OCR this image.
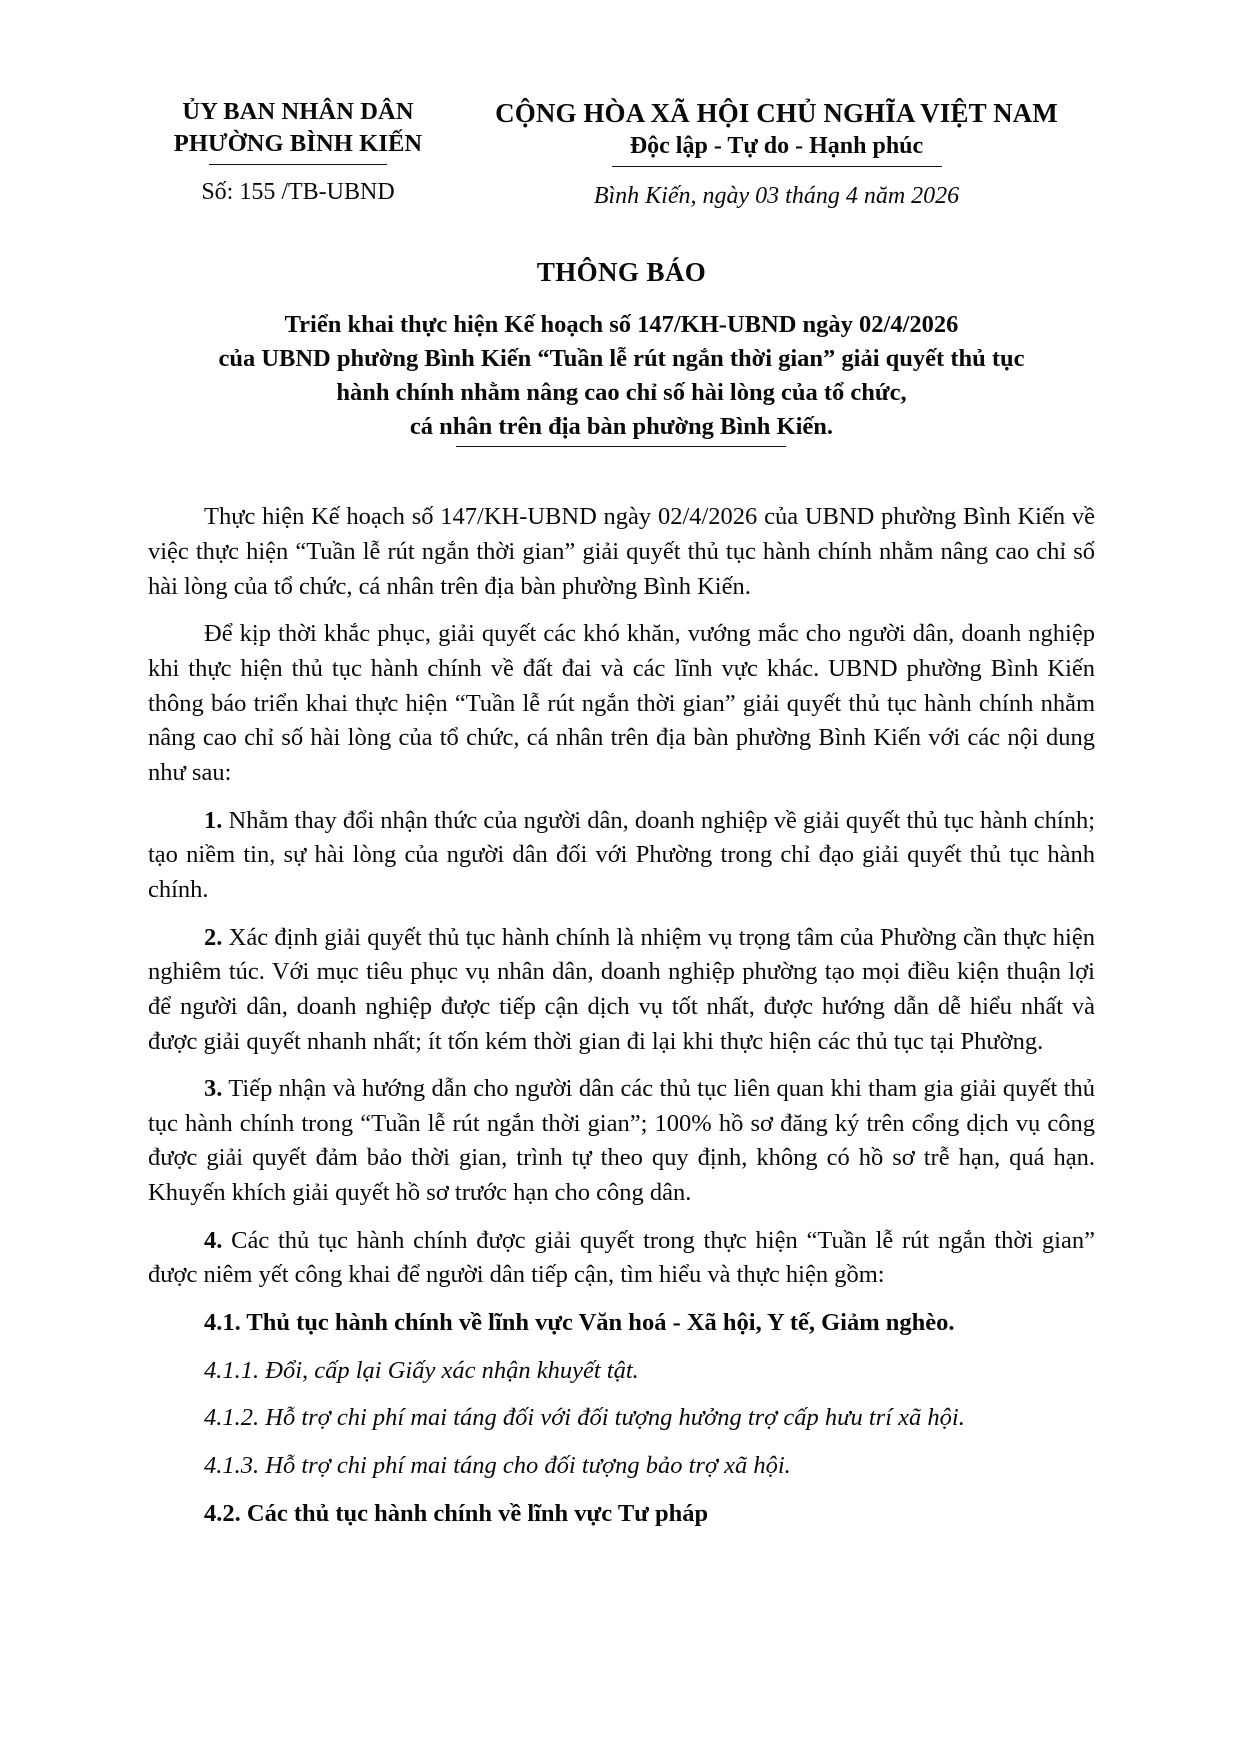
ỦY BAN NHÂN DÂN
PHƯỜNG BÌNH KIẾN
Số: 155 /TB-UBND
CỘNG HÒA XÃ HỘI CHỦ NGHĨA VIỆT NAM
Độc lập - Tự do - Hạnh phúc
Bình Kiến, ngày 03 tháng 4 năm 2026
THÔNG BÁO
Triển khai thực hiện Kế hoạch số 147/KH-UBND ngày 02/4/2026
của UBND phường Bình Kiến “Tuần lễ rút ngắn thời gian” giải quyết thủ tục
hành chính nhằm nâng cao chỉ số hài lòng của tổ chức,
cá nhân trên địa bàn phường Bình Kiến.

Thực hiện Kế hoạch số 147/KH-UBND ngày 02/4/2026 của UBND phường Bình Kiến về việc thực hiện “Tuần lễ rút ngắn thời gian” giải quyết thủ tục hành chính nhằm nâng cao chỉ số hài lòng của tổ chức, cá nhân trên địa bàn phường Bình Kiến.

Để kịp thời khắc phục, giải quyết các khó khăn, vướng mắc cho người dân, doanh nghiệp khi thực hiện thủ tục hành chính về đất đai và các lĩnh vực khác. UBND phường Bình Kiến thông báo triển khai thực hiện “Tuần lễ rút ngắn thời gian” giải quyết thủ tục hành chính nhằm nâng cao chỉ số hài lòng của tổ chức, cá nhân trên địa bàn phường Bình Kiến với các nội dung như sau:

1. Nhằm thay đổi nhận thức của người dân, doanh nghiệp về giải quyết thủ tục hành chính; tạo niềm tin, sự hài lòng của người dân đối với Phường trong chỉ đạo giải quyết thủ tục hành chính.

2. Xác định giải quyết thủ tục hành chính là nhiệm vụ trọng tâm của Phường cần thực hiện nghiêm túc. Với mục tiêu phục vụ nhân dân, doanh nghiệp phường tạo mọi điều kiện thuận lợi để người dân, doanh nghiệp được tiếp cận dịch vụ tốt nhất, được hướng dẫn dễ hiểu nhất và được giải quyết nhanh nhất; ít tốn kém thời gian đi lại khi thực hiện các thủ tục tại Phường.

3. Tiếp nhận và hướng dẫn cho người dân các thủ tục liên quan khi tham gia giải quyết thủ tục hành chính trong “Tuần lễ rút ngắn thời gian”; 100% hồ sơ đăng ký trên cổng dịch vụ công được giải quyết đảm bảo thời gian, trình tự theo quy định, không có hồ sơ trễ hạn, quá hạn. Khuyến khích giải quyết hồ sơ trước hạn cho công dân.

4. Các thủ tục hành chính được giải quyết trong thực hiện “Tuần lễ rút ngắn thời gian” được niêm yết công khai để người dân tiếp cận, tìm hiểu và thực hiện gồm:

4.1. Thủ tục hành chính về lĩnh vực Văn hoá - Xã hội, Y tế, Giảm nghèo.

4.1.1. Đổi, cấp lại Giấy xác nhận khuyết tật.

4.1.2. Hỗ trợ chi phí mai táng đối với đối tượng hưởng trợ cấp hưu trí xã hội.

4.1.3. Hỗ trợ chi phí mai táng cho đối tượng bảo trợ xã hội.

4.2. Các thủ tục hành chính về lĩnh vực Tư pháp
